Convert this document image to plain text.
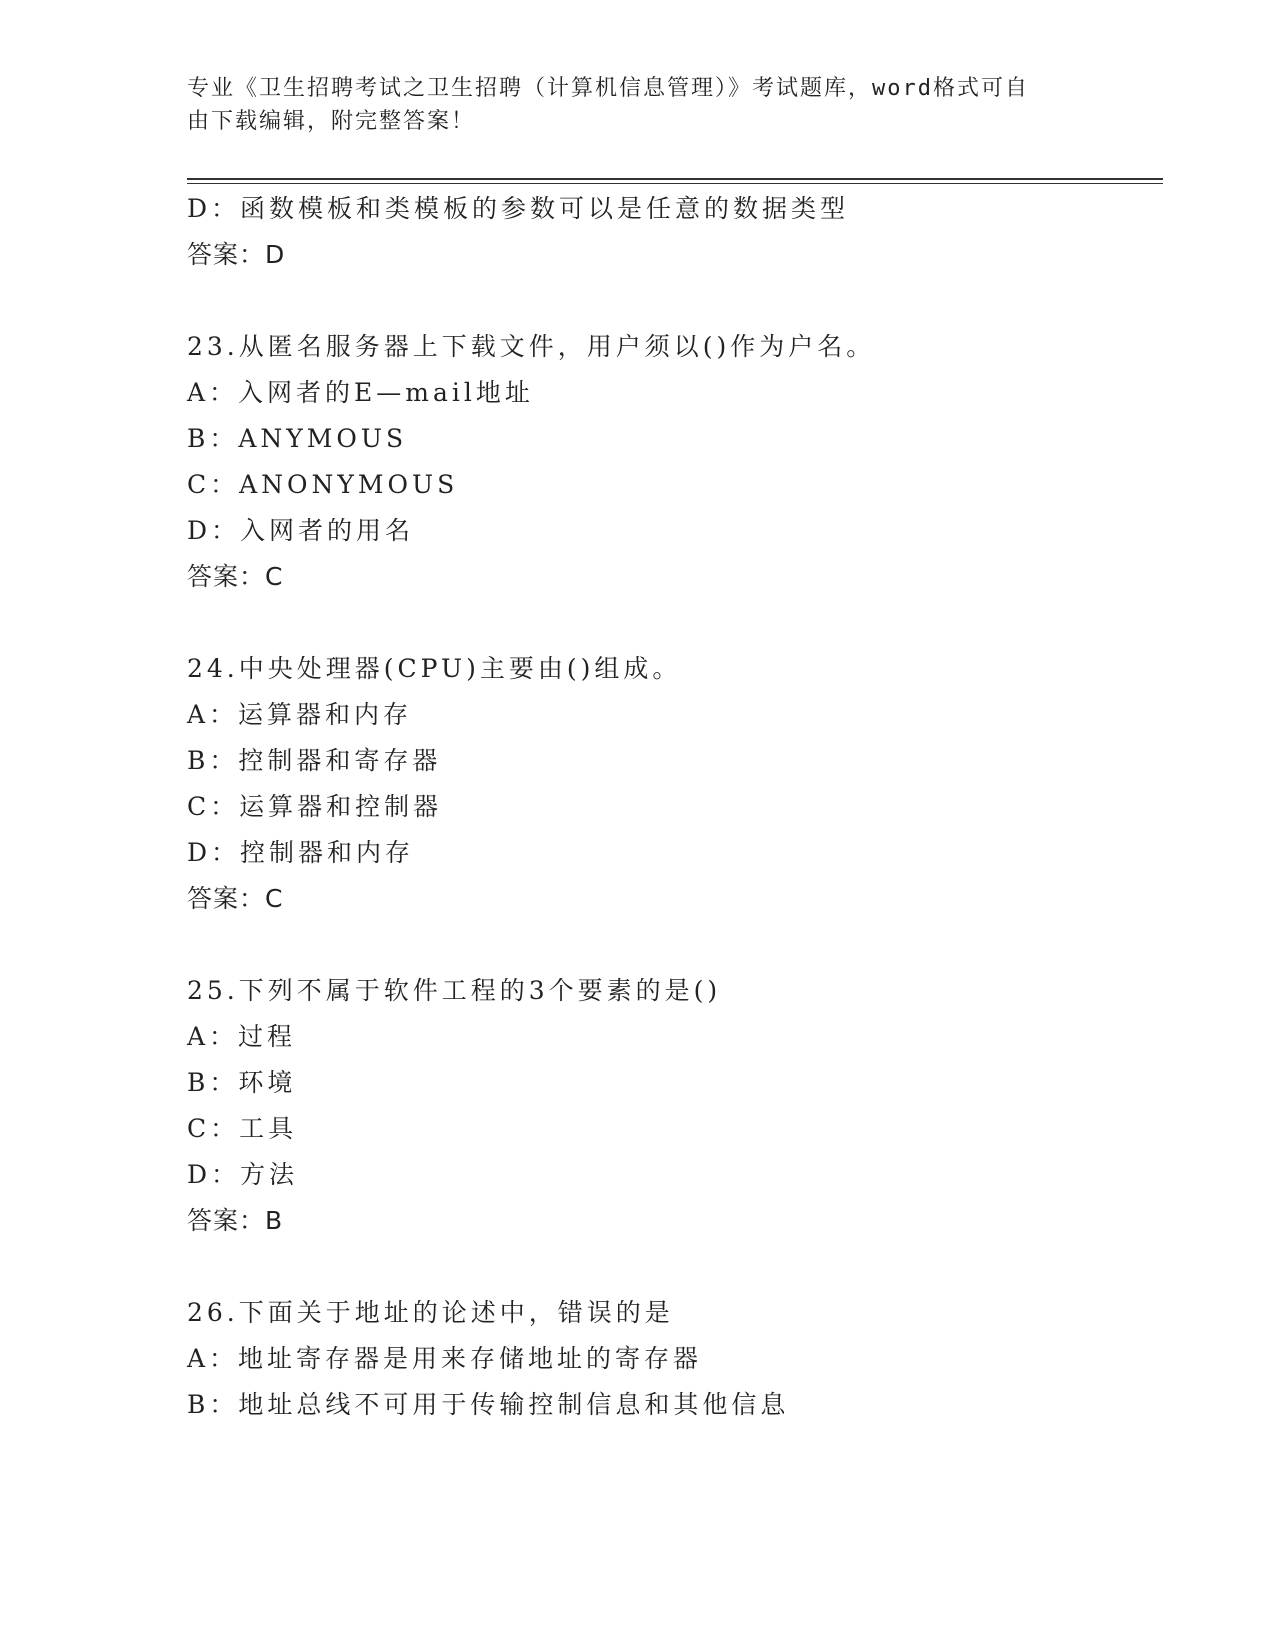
专业《卫生招聘考试之卫生招聘（计算机信息管理）》考试题库，word格式可自
由下载编辑，附完整答案！
D：函数模板和类模板的参数可以是任意的数据类型
答案：D
23.从匿名服务器上下载文件，用户须以()作为户名。
A：入网者的E—mail地址
B：ANYMOUS
C：ANONYMOUS
D：入网者的用名
答案：C
24.中央处理器(CPU)主要由()组成。
A：运算器和内存
B：控制器和寄存器
C：运算器和控制器
D：控制器和内存
答案：C
25.下列不属于软件工程的3个要素的是()
A：过程
B：环境
C：工具
D：方法
答案：B
26.下面关于地址的论述中，错误的是
A：地址寄存器是用来存储地址的寄存器
B：地址总线不可用于传输控制信息和其他信息
